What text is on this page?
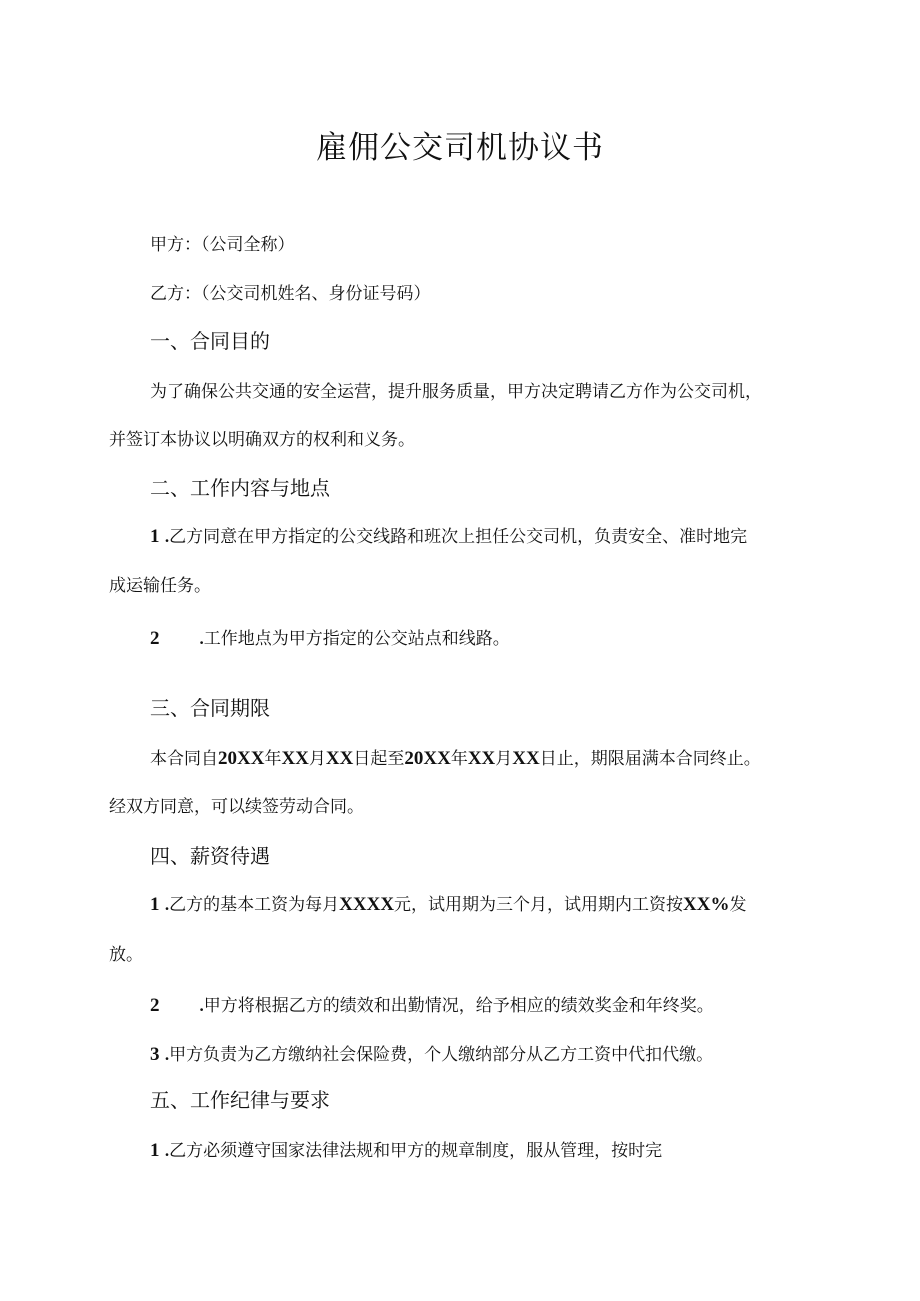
雇佣公交司机协议书
甲方：（公司全称）
乙方：（公交司机姓名、身份证号码）
一、合同目的
为了确保公共交通的安全运营，提升服务质量，甲方决定聘请乙方作为公交司机，
并签订本协议以明确双方的权利和义务。
二、工作内容与地点
1 .乙方同意在甲方指定的公交线路和班次上担任公交司机，负责安全、准时地完
成运输任务。
2 .工作地点为甲方指定的公交站点和线路。
三、合同期限
本合同自20XX年XX月XX日起至20XX年XX月XX日止，期限届满本合同终止。
经双方同意，可以续签劳动合同。
四、薪资待遇
1 .乙方的基本工资为每月XXXX元，试用期为三个月，试用期内工资按XX%发
放。
2 .甲方将根据乙方的绩效和出勤情况，给予相应的绩效奖金和年终奖。
3 .甲方负责为乙方缴纳社会保险费，个人缴纳部分从乙方工资中代扣代缴。
五、工作纪律与要求
1 .乙方必须遵守国家法律法规和甲方的规章制度，服从管理，按时完
